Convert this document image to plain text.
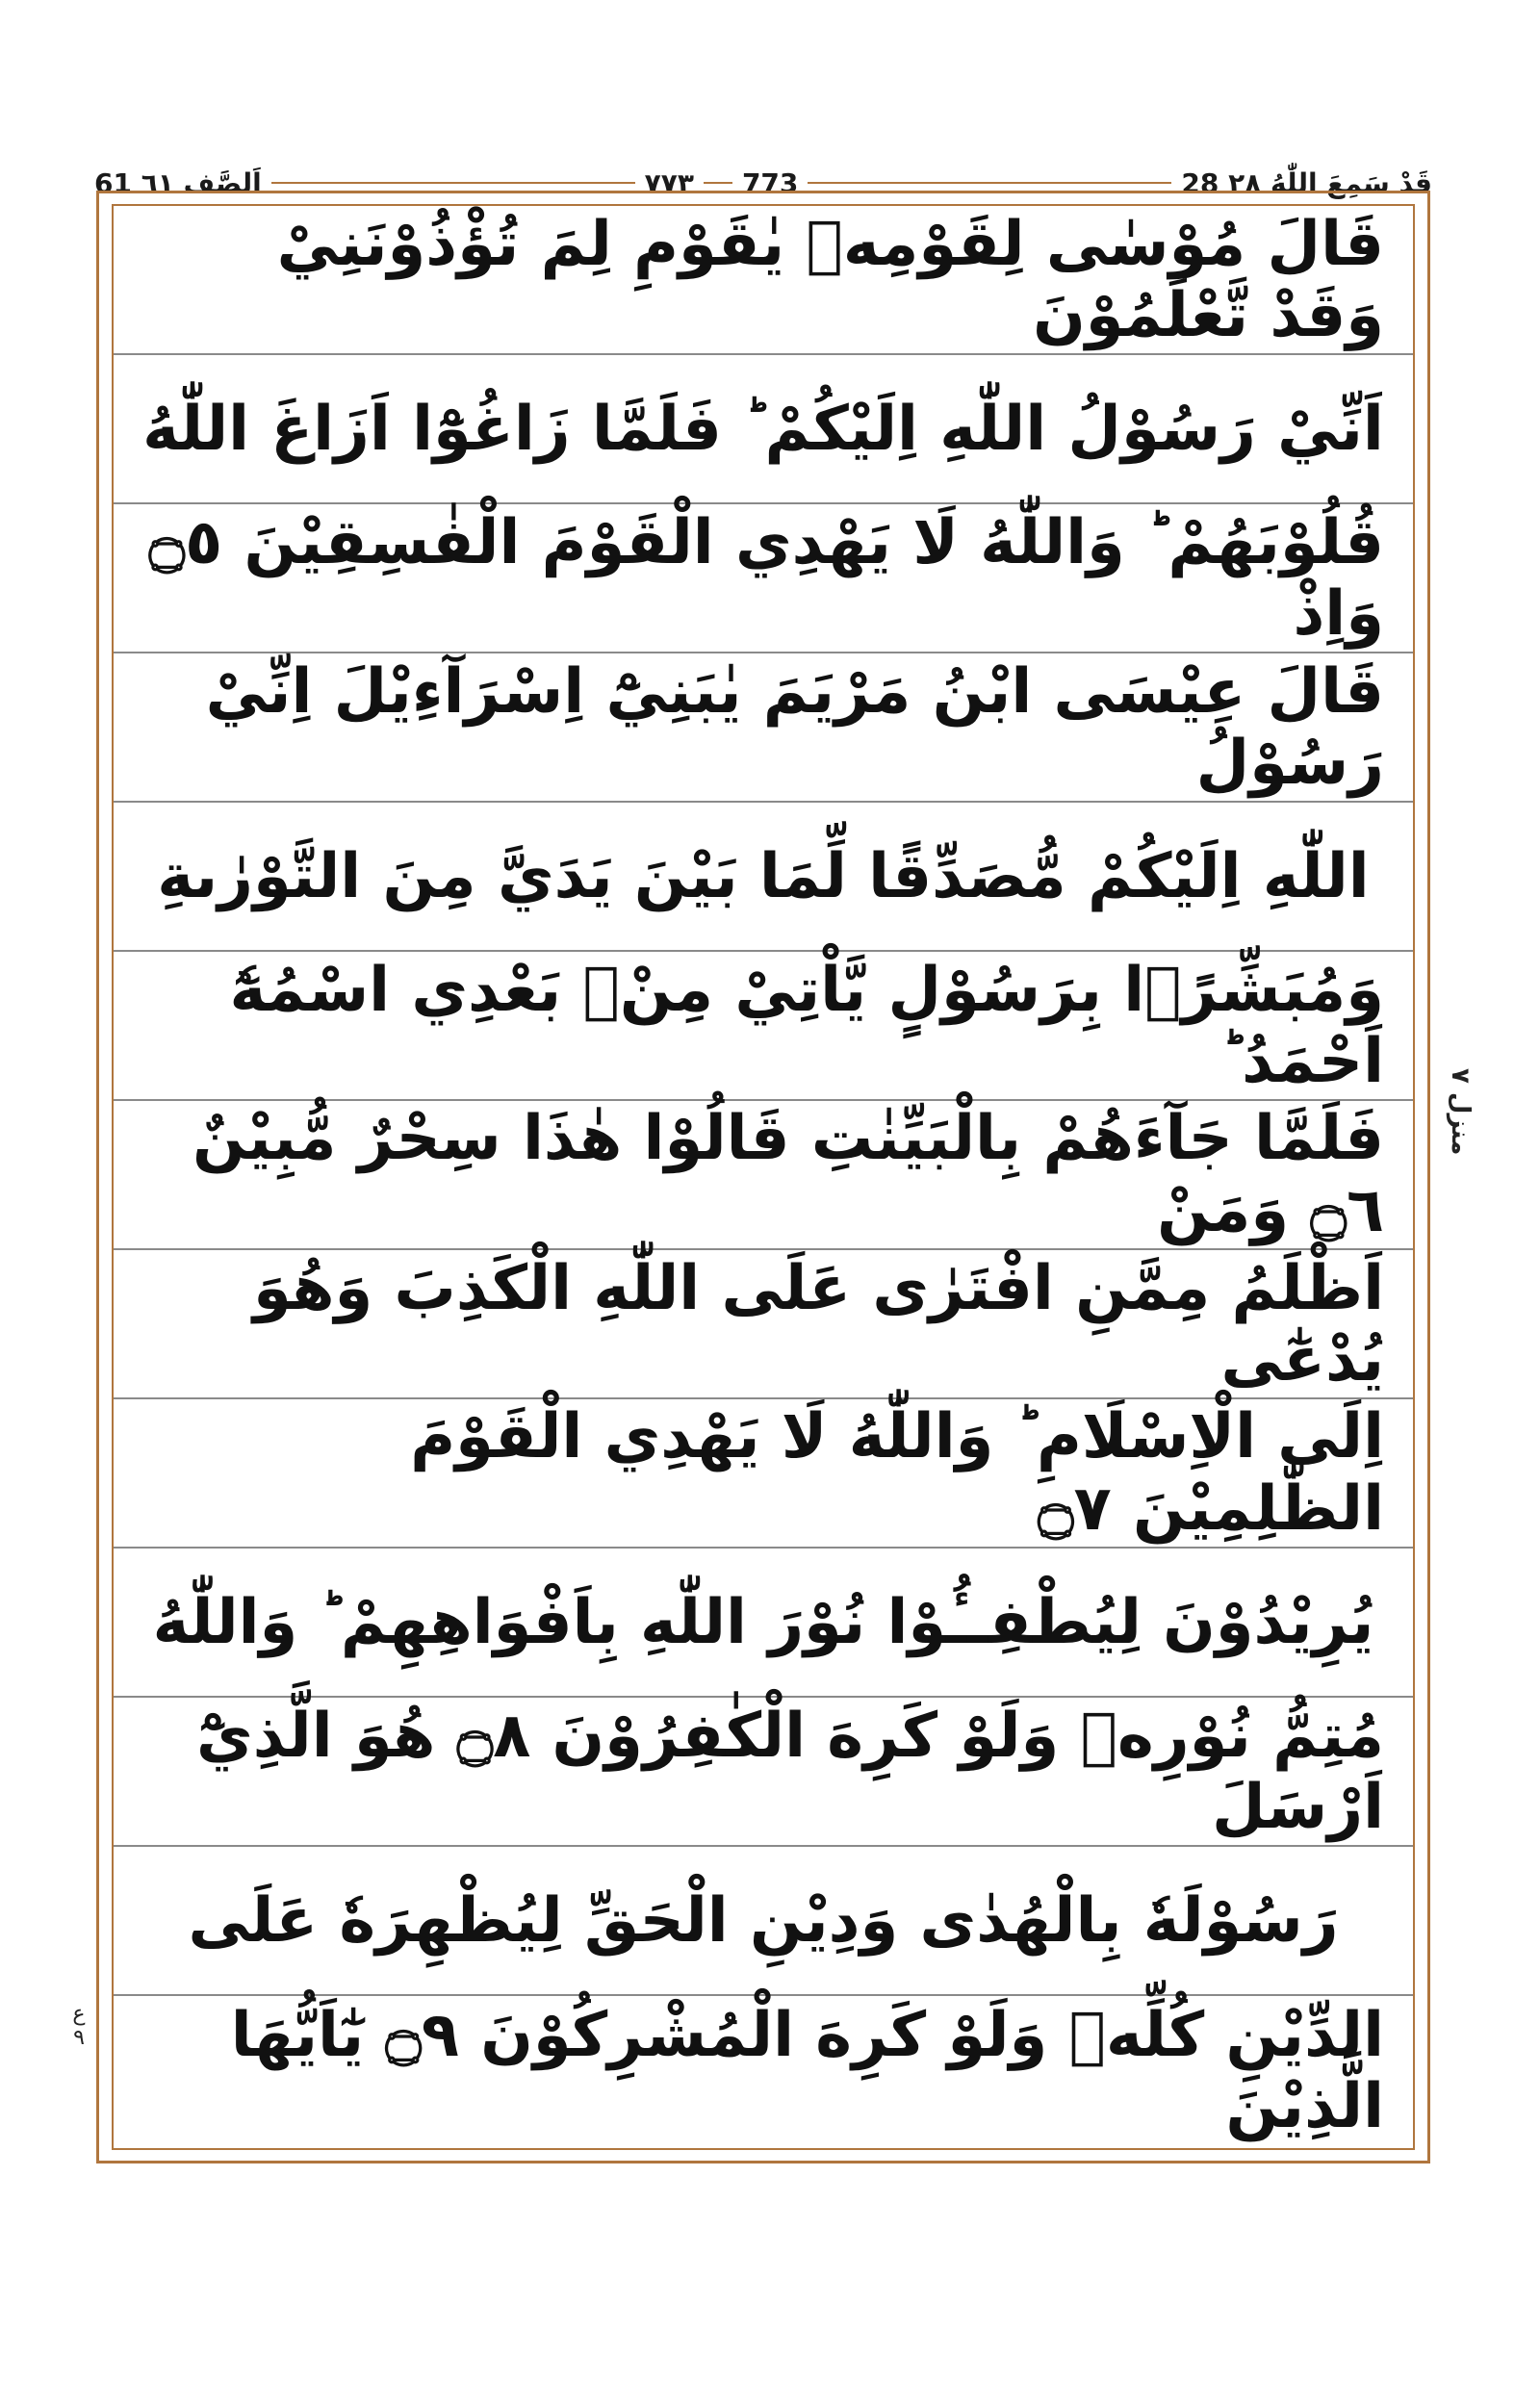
61 اَلصَّف ٦١	٧٧٣ 773	28 قَدْ سَمِعَ اللّٰهُ ٢٨
قَالَ مُوْسٰى لِقَوْمِهٖ يٰقَوْمِ لِمَ تُؤْذُوْنَنِيْ وَقَدْ تَّعْلَمُوْنَ
اَنِّيْ رَسُوْلُ اللّٰهِ اِلَيْكُمْ ؕ فَلَمَّا زَاغُوْٓا اَزَاغَ اللّٰهُ
قُلُوْبَهُمْ ؕ وَاللّٰهُ لَا يَهْدِي الْقَوْمَ الْفٰسِقِيْنَ ۝٥ وَاِذْ
قَالَ عِيْسَى ابْنُ مَرْيَمَ يٰبَنِيْٓ اِسْرَآءِيْلَ اِنِّيْ رَسُوْلُ
اللّٰهِ اِلَيْكُمْ مُّصَدِّقًا لِّمَا بَيْنَ يَدَيَّ مِنَ التَّوْرٰىةِ
وَمُبَشِّرًۢا بِرَسُوْلٍ يَّاْتِيْ مِنْۢ بَعْدِي اسْمُهٗٓ اَحْمَدُ ؕ
فَلَمَّا جَآءَهُمْ بِالْبَيِّنٰتِ قَالُوْا هٰذَا سِحْرٌ مُّبِيْنٌ ۝٦ وَمَنْ
اَظْلَمُ مِمَّنِ افْتَرٰى عَلَى اللّٰهِ الْكَذِبَ وَهُوَ يُدْعٰٓى
اِلَى الْاِسْلَامِ ؕ وَاللّٰهُ لَا يَهْدِي الْقَوْمَ الظّٰلِمِيْنَ ۝٧
يُرِيْدُوْنَ لِيُطْفِــُٔوْا نُوْرَ اللّٰهِ بِاَفْوَاهِهِمْ ؕ وَاللّٰهُ
مُتِمُّ نُوْرِهٖ وَلَوْ كَرِهَ الْكٰفِرُوْنَ ۝٨ هُوَ الَّذِيْٓ اَرْسَلَ
رَسُوْلَهٗ بِالْهُدٰى وَدِيْنِ الْحَقِّ لِيُظْهِرَهٗ عَلَى
الدِّيْنِ كُلِّهٖ وَلَوْ كَرِهَ الْمُشْرِكُوْنَ ۝٩ يٰٓاَيُّهَا الَّذِيْنَ
منزل ٧
ع ٩
